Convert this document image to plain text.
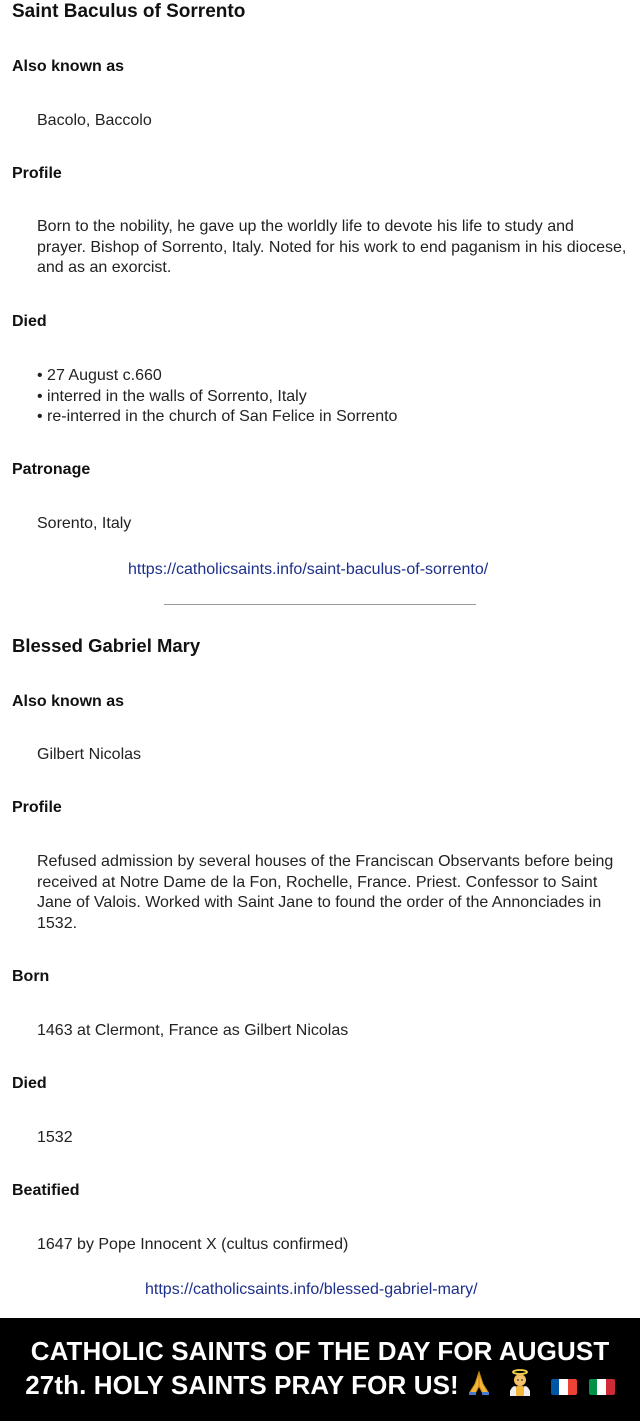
Saint Baculus of Sorrento
Also known as
Bacolo, Baccolo
Profile

Born to the nobility, he gave up the worldly life to devote his life to study and prayer. Bishop of Sorrento, Italy. Noted for his work to end paganism in his diocese, and as an exorcist.

Died
• 27 August c.660
• interred in the walls of Sorrento, Italy
• re-interred in the church of San Felice in Sorrento
Patronage
Sorento, Italy
https://catholicsaints.info/saint-baculus-of-sorrento/
Blessed Gabriel Mary
Also known as
Gilbert Nicolas
Profile

Refused admission by several houses of the Franciscan Observants before being received at Notre Dame de la Fon, Rochelle, France. Priest. Confessor to Saint Jane of Valois. Worked with Saint Jane to found the order of the Annonciades in 1532.

Born
1463 at Clermont, France as Gilbert Nicolas
Died
1532
Beatified
1647 by Pope Innocent X (cultus confirmed)
https://catholicsaints.info/blessed-gabriel-mary/
CATHOLIC SAINTS OF THE DAY FOR AUGUST
27th. HOLY SAINTS PRAY FOR US!
